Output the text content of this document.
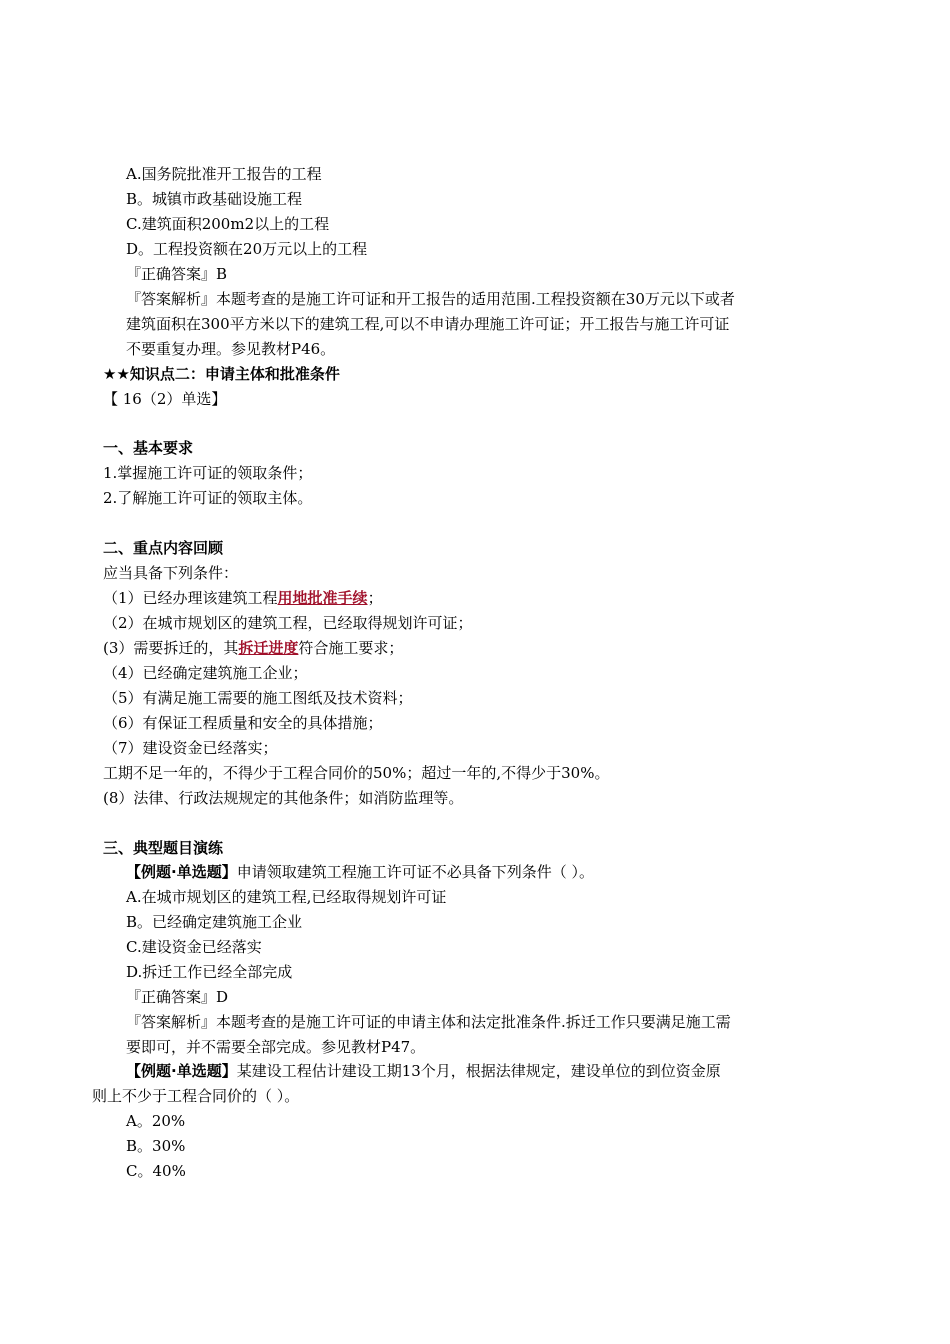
A.国务院批准开工报告的工程
B。城镇市政基础设施工程
C.建筑面积200m2以上的工程
D。工程投资额在20万元以上的工程
『正确答案』B
『答案解析』本题考查的是施工许可证和开工报告的适用范围.工程投资额在30万元以下或者
建筑面积在300平方米以下的建筑工程,可以不申请办理施工许可证；开工报告与施工许可证
不要重复办理。参见教材P46。
★★知识点二：申请主体和批准条件
【 16（2）单选】
一、基本要求
1.掌握施工许可证的领取条件；
2.了解施工许可证的领取主体。
二、重点内容回顾
应当具备下列条件：
（1）已经办理该建筑工程用地批准手续；
（2）在城市规划区的建筑工程，已经取得规划许可证；
(3）需要拆迁的，其拆迁进度符合施工要求；
（4）已经确定建筑施工企业；
（5）有满足施工需要的施工图纸及技术资料；
（6）有保证工程质量和安全的具体措施；
（7）建设资金已经落实；
工期不足一年的，不得少于工程合同价的50%；超过一年的,不得少于30%。
(8）法律、行政法规规定的其他条件；如消防监理等。
三、典型题目演练
【例题·单选题】申请领取建筑工程施工许可证不必具备下列条件（ ）。
A.在城市规划区的建筑工程,已经取得规划许可证
B。已经确定建筑施工企业
C.建设资金已经落实
D.拆迁工作已经全部完成
『正确答案』D
『答案解析』本题考查的是施工许可证的申请主体和法定批准条件.拆迁工作只要满足施工需
要即可，并不需要全部完成。参见教材P47。
【例题·单选题】某建设工程估计建设工期13个月，根据法律规定，建设单位的到位资金原
则上不少于工程合同价的（ ）。
A。20%
B。30%
C。40%
